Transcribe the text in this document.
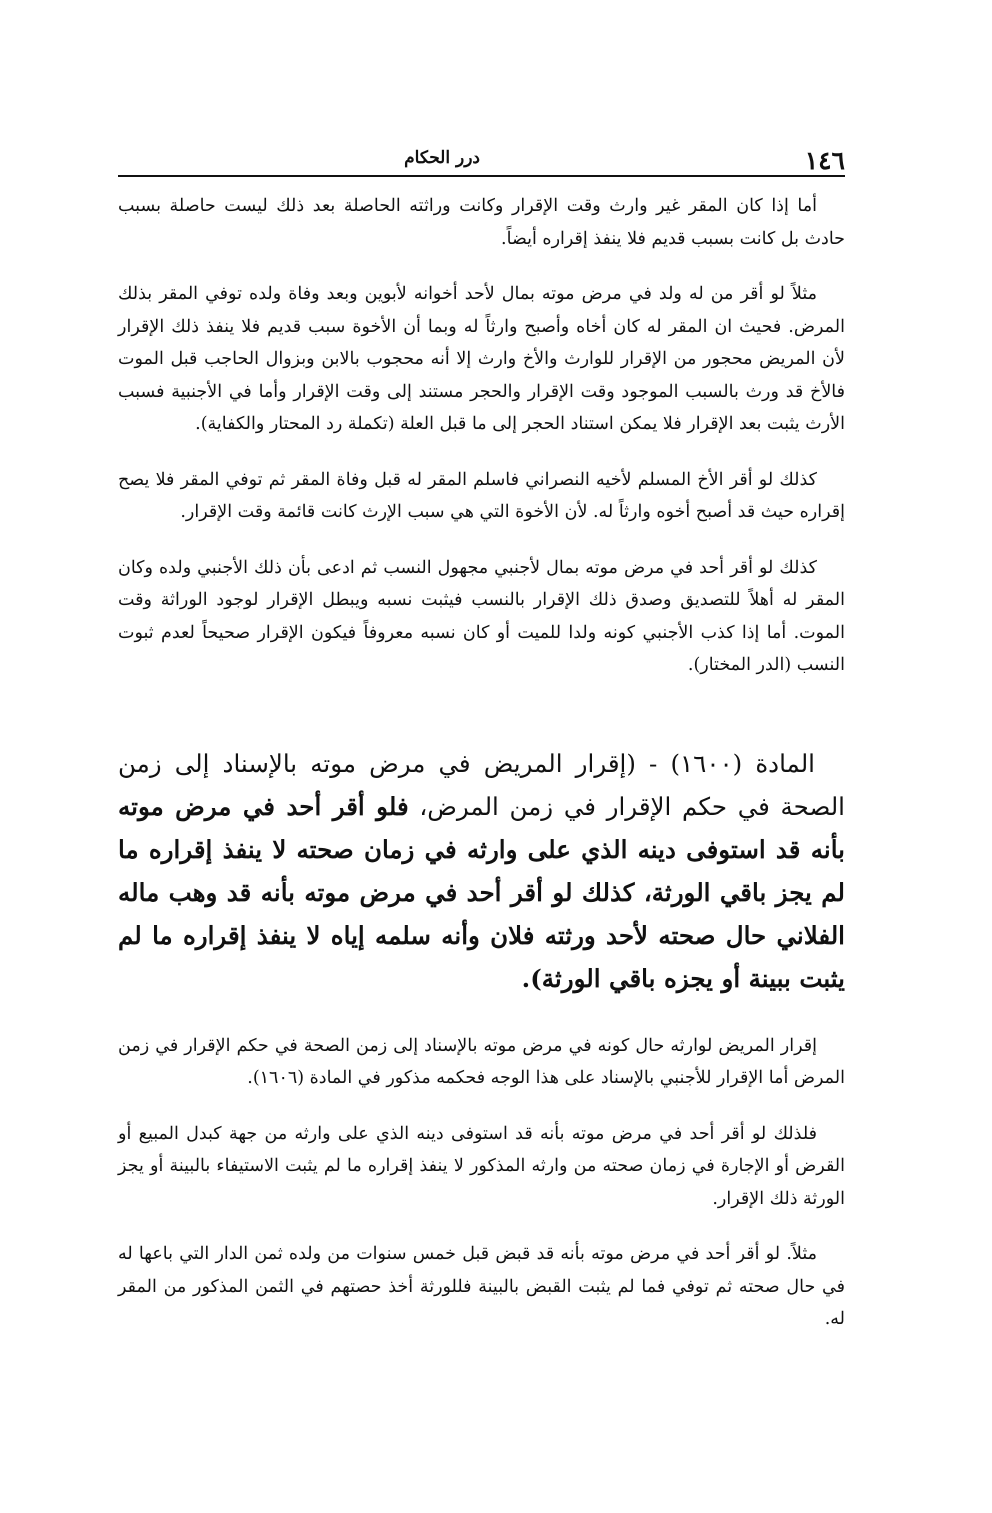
١٤٦
درر الحكام

أما إذا كان المقر غير وارث وقت الإقرار وكانت وراثته الحاصلة بعد ذلك ليست حاصلة بسبب حادث بل كانت بسبب قديم فلا ينفذ إقراره أيضاً.

مثلاً لو أقر من له ولد في مرض موته بمال لأحد أخوانه لأبوين وبعد وفاة ولده توفي المقر بذلك المرض. فحيث ان المقر له كان أخاه وأصبح وارثاً له وبما أن الأخوة سبب قديم فلا ينفذ ذلك الإقرار لأن المريض محجور من الإقرار للوارث والأخ وارث إلا أنه محجوب بالابن وبزوال الحاجب قبل الموت فالأخ قد ورث بالسبب الموجود وقت الإقرار والحجر مستند إلى وقت الإقرار وأما في الأجنبية فسبب الأرث يثبت بعد الإقرار فلا يمكن استناد الحجر إلى ما قبل العلة (تكملة رد المحتار والكفاية).

كذلك لو أقر الأخ المسلم لأخيه النصراني فاسلم المقر له قبل وفاة المقر ثم توفي المقر فلا يصح إقراره حيث قد أصبح أخوه وارثاً له. لأن الأخوة التي هي سبب الإرث كانت قائمة وقت الإقرار.

كذلك لو أقر أحد في مرض موته بمال لأجنبي مجهول النسب ثم ادعى بأن ذلك الأجنبي ولده وكان المقر له أهلاً للتصديق وصدق ذلك الإقرار بالنسب فيثبت نسبه ويبطل الإقرار لوجود الوراثة وقت الموت. أما إذا كذب الأجنبي كونه ولدا للميت أو كان نسبه معروفاً فيكون الإقرار صحيحاً لعدم ثبوت النسب (الدر المختار).

المادة (١٦٠٠) - (إقرار المريض في مرض موته بالإسناد إلى زمن الصحة في حكم الإقرار في زمن المرض، فلو أقر أحد في مرض موته بأنه قد استوفى دينه الذي على وارثه في زمان صحته لا ينفذ إقراره ما لم يجز باقي الورثة، كذلك لو أقر أحد في مرض موته بأنه قد وهب ماله الفلاني حال صحته لأحد ورثته فلان وأنه سلمه إياه لا ينفذ إقراره ما لم يثبت ببينة أو يجزه باقي الورثة).

إقرار المريض لوارثه حال كونه في مرض موته بالإسناد إلى زمن الصحة في حكم الإقرار في زمن المرض أما الإقرار للأجنبي بالإسناد على هذا الوجه فحكمه مذكور في المادة (١٦٠٦).

فلذلك لو أقر أحد في مرض موته بأنه قد استوفى دينه الذي على وارثه من جهة كبدل المبيع أو القرض أو الإجارة في زمان صحته من وارثه المذكور لا ينفذ إقراره ما لم يثبت الاستيفاء بالبينة أو يجز الورثة ذلك الإقرار.

مثلاً. لو أقر أحد في مرض موته بأنه قد قبض قبل خمس سنوات من ولده ثمن الدار التي باعها له في حال صحته ثم توفي فما لم يثبت القبض بالبينة فللورثة أخذ حصتهم في الثمن المذكور من المقر له.
